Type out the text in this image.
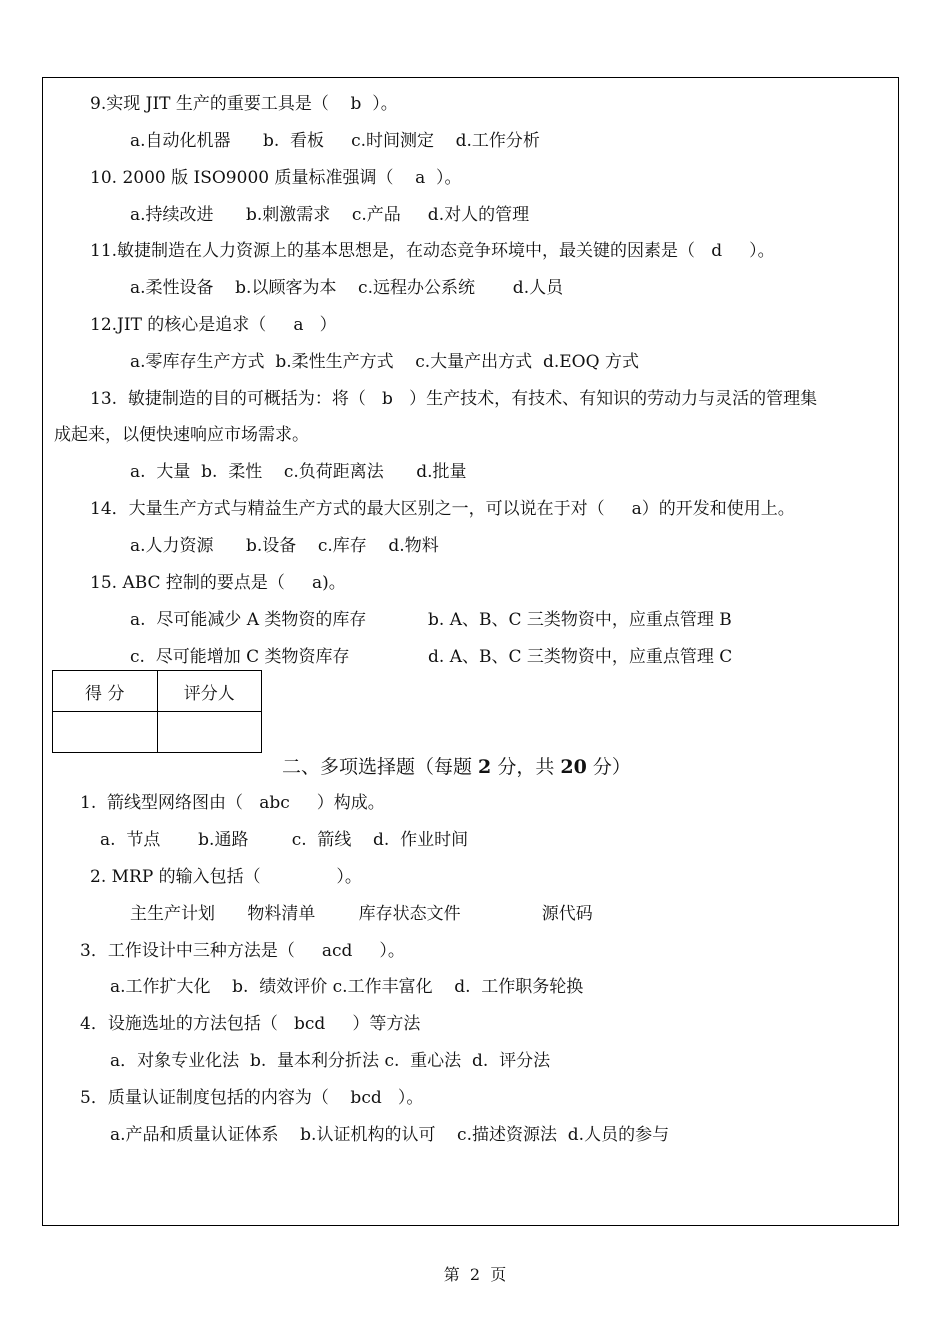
9.实现 JIT 生产的重要工具是（    b  ）。
a.自动化机器      b.  看板     c.时间测定    d.工作分析
10. 2000 版 ISO9000 质量标准强调（    a  ）。
a.持续改进      b.刺激需求    c.产品     d.对人的管理
11.敏捷制造在人力资源上的基本思想是，在动态竞争环境中，最关键的因素是（   d     ）。
a.柔性设备    b.以顾客为本    c.远程办公系统       d.人员
12.JIT 的核心是追求（     a   ）
a.零库存生产方式  b.柔性生产方式    c.大量产出方式  d.EOQ 方式
13.  敏捷制造的目的可概括为：将（   b   ）生产技术，有技术、有知识的劳动力与灵活的管理集
成起来，以便快速响应市场需求。
a.  大量  b.  柔性    c.负荷距离法      d.批量
14．大量生产方式与精益生产方式的最大区别之一，可以说在于对（     a）的开发和使用上。
a.人力资源      b.设备    c.库存    d.物料
15. ABC 控制的要点是（     a)。
a.  尽可能减少 A 类物资的库存	b. A、B、C 三类物资中，应重点管理 B
c.  尽可能增加 C 类物资库存	d. A、B、C 三类物资中，应重点管理 C
得 分	评分人

二、多项选择题（每题 2 分，共 20 分）
1.  箭线型网络图由（   abc     ）构成。
a.  节点       b.通路        c.  箭线    d.  作业时间
2. MRP 的输入包括（              ）。
主生产计划      物料清单        库存状态文件               源代码
3．工作设计中三种方法是（     acd     ）。
a.工作扩大化    b.  绩效评价 c.工作丰富化    d.  工作职务轮换
4．设施选址的方法包括（   bcd     ）等方法
a．对象专业化法  b.  量本利分折法 c.  重心法  d.  评分法
5．质量认证制度包括的内容为（    bcd   ）。
a.产品和质量认证体系    b.认证机构的认可    c.描述资源法  d.人员的参与
第  2  页
